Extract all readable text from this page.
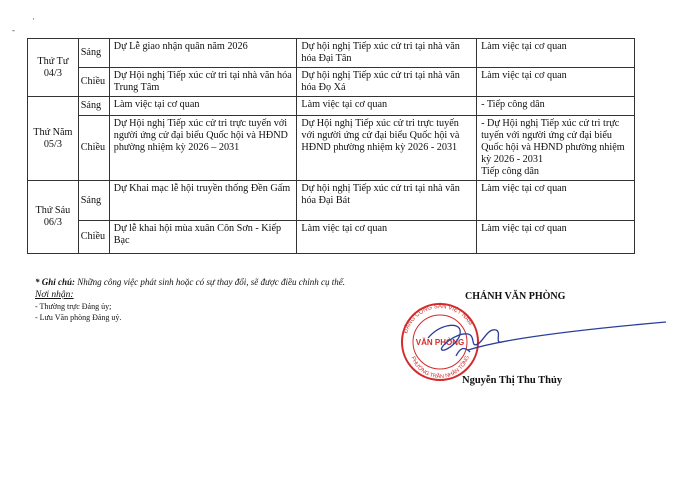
·
-
Thứ Tư
04/3	Sáng	Dự Lễ giao nhận quân năm 2026	Dự hội nghị Tiếp xúc cử tri tại nhà văn hóa Đại Tân	Làm việc tại cơ quan
	Chiều	Dự Hội nghị Tiếp xúc cử tri tại nhà văn hóa Trung Tâm	Dự hội nghị Tiếp xúc cử tri tại nhà văn hóa Đọ Xá	Làm việc tại cơ quan
Thứ Năm
05/3	Sáng	Làm việc tại cơ quan	Làm việc tại cơ quan	- Tiếp công dân
	Chiều	Dự Hội nghị Tiếp xúc cử tri trực tuyến với người ứng cử đại biểu Quốc hội và HĐND phường nhiệm kỳ 2026 – 2031	Dự Hội nghị Tiếp xúc cử tri trực tuyến với người ứng cử đại biểu Quốc hội và HĐND phường nhiệm kỳ 2026 - 2031	- Dự Hội nghị Tiếp xúc cử tri trực tuyến với người ứng cử đại biểu Quốc hội và HĐND phường nhiệm kỳ 2026 - 2031
Tiếp công dân
Thứ Sáu
06/3	Sáng	Dự Khai mạc lễ hội truyền thống Đền Gấm	Dự hội nghị Tiếp xúc cử tri tại nhà văn hóa Đại Bát	Làm việc tại cơ quan
	Chiều	Dự lễ khai hội mùa xuân Côn Sơn - Kiếp Bạc	Làm việc tại cơ quan	Làm việc tại cơ quan
* Ghi chú: Những công việc phát sinh hoặc có sự thay đổi, sẽ được điều chỉnh cụ thể.
Nơi nhận:
- Thường trực Đảng ủy;
- Lưu Văn phòng Đảng uỷ.
CHÁNH VĂN PHÒNG
ĐẢNG CỘNG SẢN VIỆT NAM
PHƯỜNG TRẦN NHÂN TÔNG
VĂN PHÒNG
Nguyễn Thị Thu Thủy
